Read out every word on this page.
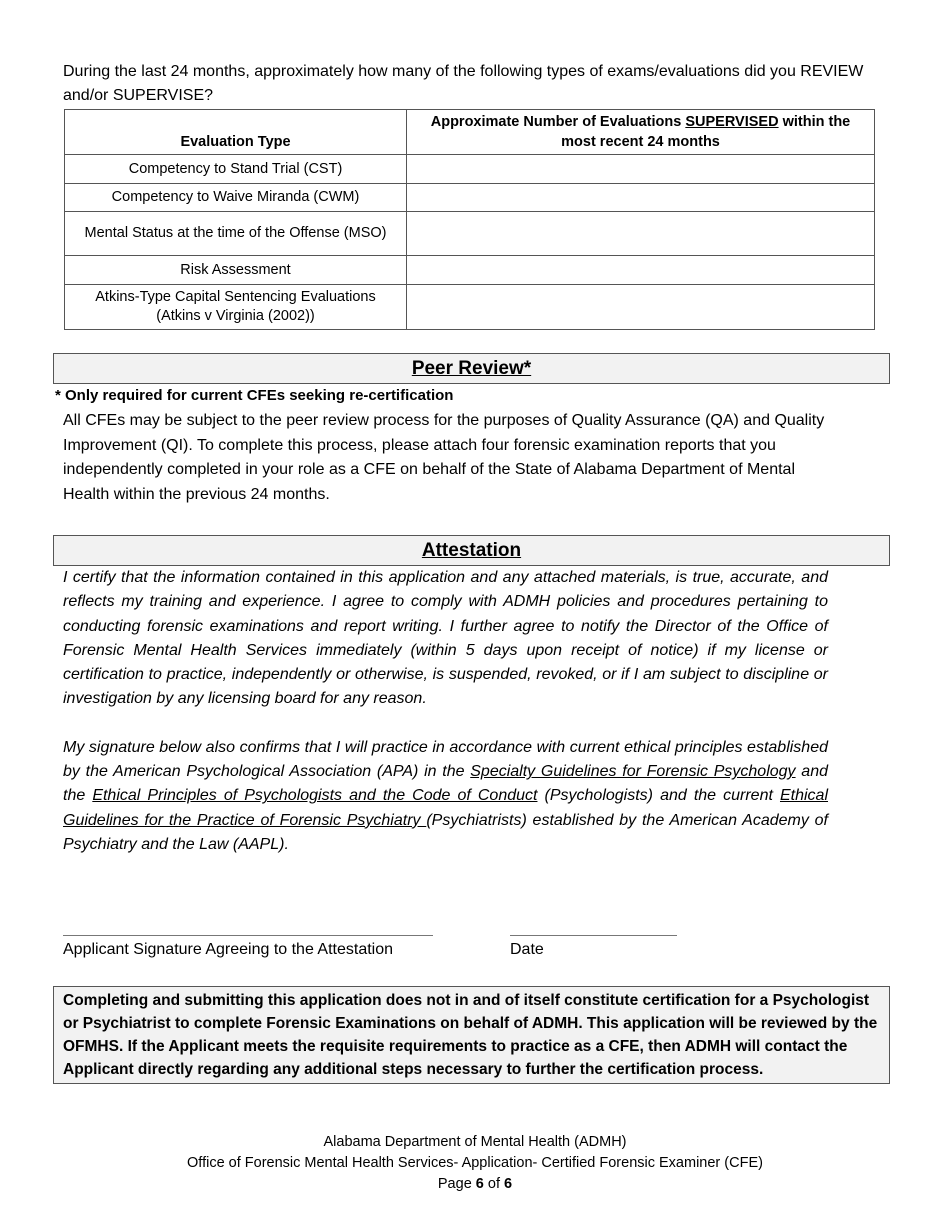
During the last 24 months, approximately how many of the following types of exams/evaluations did you REVIEW and/or SUPERVISE?
Evaluation Type	Approximate Number of Evaluations SUPERVISED within the most recent 24 months
Competency to Stand Trial (CST)	
Competency to Waive Miranda (CWM)	
Mental Status at the time of the Offense (MSO)	
Risk Assessment	
Atkins-Type Capital Sentencing Evaluations (Atkins v Virginia (2002))	
Peer Review*
* Only required for current CFEs seeking re-certification
All CFEs may be subject to the peer review process for the purposes of Quality Assurance (QA) and Quality Improvement (QI). To complete this process, please attach four forensic examination reports that you independently completed in your role as a CFE on behalf of the State of Alabama Department of Mental Health within the previous 24 months.
Attestation

I certify that the information contained in this application and any attached materials, is true, accurate, and reflects my training and experience. I agree to comply with ADMH policies and procedures pertaining to conducting forensic examinations and report writing. I further agree to notify the Director of the Office of Forensic Mental Health Services immediately (within 5 days upon receipt of notice) if my license or certification to practice, independently or otherwise, is suspended, revoked, or if I am subject to discipline or investigation by any licensing board for any reason.

My signature below also confirms that I will practice in accordance with current ethical principles established by the American Psychological Association (APA) in the Specialty Guidelines for Forensic Psychology and the Ethical Principles of Psychologists and the Code of Conduct (Psychologists) and the current Ethical Guidelines for the Practice of Forensic Psychiatry (Psychiatrists) established by the American Academy of Psychiatry and the Law (AAPL).

Applicant Signature Agreeing to the Attestation	Date
Completing and submitting this application does not in and of itself constitute certification for a Psychologist or Psychiatrist to complete Forensic Examinations on behalf of ADMH. This application will be reviewed by the OFMHS. If the Applicant meets the requisite requirements to practice as a CFE, then ADMH will contact the Applicant directly regarding any additional steps necessary to further the certification process.
Alabama Department of Mental Health (ADMH)
Office of Forensic Mental Health Services- Application- Certified Forensic Examiner (CFE)
Page 6 of 6
